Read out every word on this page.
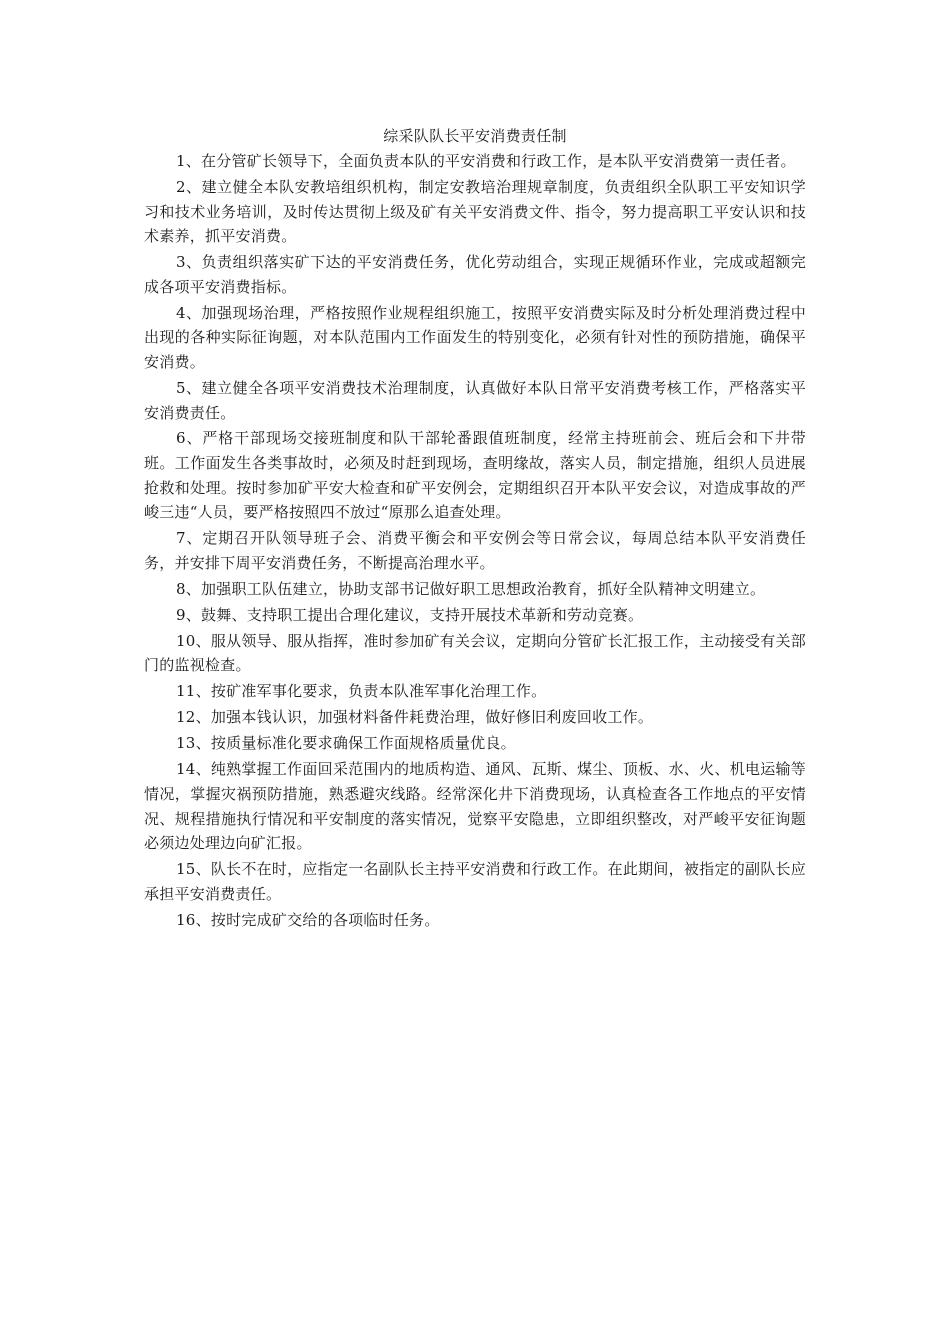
综采队队长平安消费责任制

1、在分管矿长领导下，全面负责本队的平安消费和行政工作，是本队平安消费第一责任者。

2、建立健全本队安教培组织机构，制定安教培治理规章制度，负责组织全队职工平安知识学习和技术业务培训，及时传达贯彻上级及矿有关平安消费文件、指令，努力提高职工平安认识和技术素养，抓平安消费。

3、负责组织落实矿下达的平安消费任务，优化劳动组合，实现正规循环作业，完成或超额完成各项平安消费指标。

4、加强现场治理，严格按照作业规程组织施工，按照平安消费实际及时分析处理消费过程中出现的各种实际征询题，对本队范围内工作面发生的特别变化，必须有针对性的预防措施，确保平安消费。

5、建立健全各项平安消费技术治理制度，认真做好本队日常平安消费考核工作，严格落实平安消费责任。

6、严格干部现场交接班制度和队干部轮番跟值班制度，经常主持班前会、班后会和下井带班。工作面发生各类事故时，必须及时赶到现场，查明缘故，落实人员，制定措施，组织人员进展抢救和处理。按时参加矿平安大检查和矿平安例会，定期组织召开本队平安会议，对造成事故的严峻三违“人员，要严格按照四不放过“原那么追查处理。

7、定期召开队领导班子会、消费平衡会和平安例会等日常会议，每周总结本队平安消费任务，并安排下周平安消费任务，不断提高治理水平。

8、加强职工队伍建立，协助支部书记做好职工思想政治教育，抓好全队精神文明建立。

9、鼓舞、支持职工提出合理化建议，支持开展技术革新和劳动竞赛。

10、服从领导、服从指挥，准时参加矿有关会议，定期向分管矿长汇报工作，主动接受有关部门的监视检查。

11、按矿准军事化要求，负责本队准军事化治理工作。

12、加强本钱认识，加强材料备件耗费治理，做好修旧利废回收工作。

13、按质量标准化要求确保工作面规格质量优良。

14、纯熟掌握工作面回采范围内的地质构造、通风、瓦斯、煤尘、顶板、水、火、机电运输等情况，掌握灾祸预防措施，熟悉避灾线路。经常深化井下消费现场，认真检查各工作地点的平安情况、规程措施执行情况和平安制度的落实情况，觉察平安隐患，立即组织整改，对严峻平安征询题必须边处理边向矿汇报。

15、队长不在时，应指定一名副队长主持平安消费和行政工作。在此期间，被指定的副队长应承担平安消费责任。

16、按时完成矿交给的各项临时任务。
